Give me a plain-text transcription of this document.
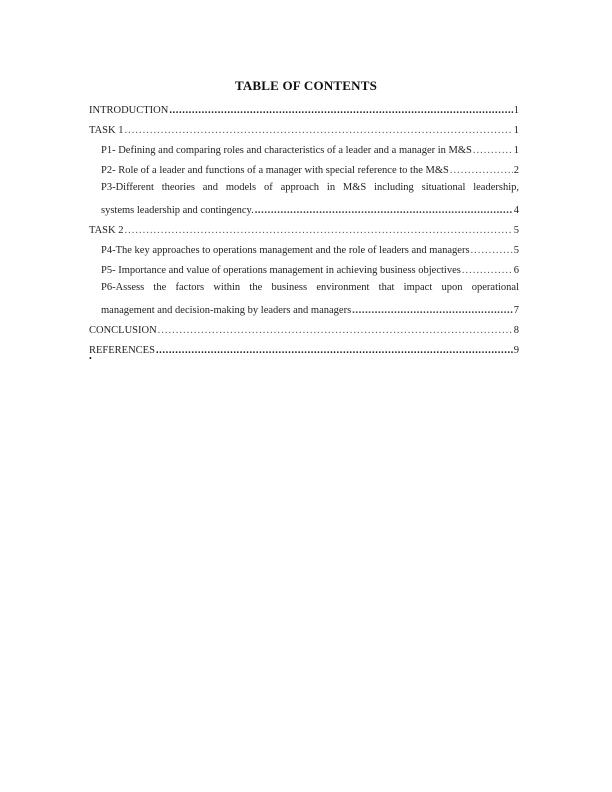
TABLE OF CONTENTS
INTRODUCTION .....	1
TASK 1 .....	1
P1- Defining and comparing roles and characteristics of a leader and a manager in M&S .....	1
P2- Role of a leader and functions of a manager with special reference to the M&S .....	2
P3-Different theories and models of approach in M&S including situational leadership,
systems leadership and contingency. .....	4
TASK 2 .....	5
P4-The key approaches to operations management and the role of leaders and managers .....	5
P5- Importance and value of operations management in achieving business objectives .....	6
P6-Assess the factors within the business environment that impact upon operational
management and decision-making by leaders and managers .....	7
CONCLUSION .....	8
REFERENCES .....	9
•
